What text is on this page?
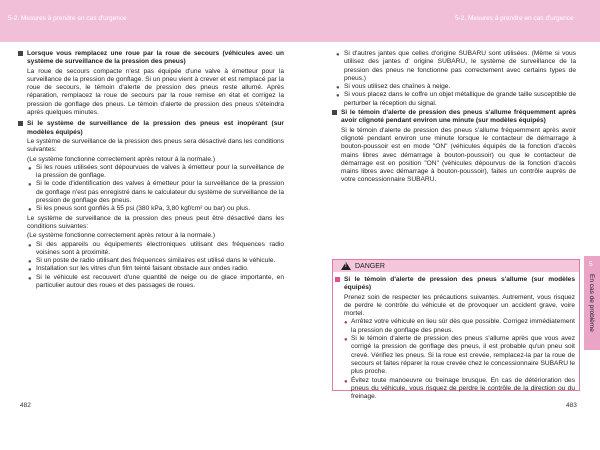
5-2. Mesures à prendre en cas d'urgence	5-2. Mesures à prendre en cas d'urgence
Lorsque vous remplacez une roue par la roue de secours (véhicules avec un système de surveillance de la pression des pneus)
La roue de secours compacte n'est pas équipée d'une valve à émetteur pour la surveillance de la pression de gonflage. Si un pneu vient à crever et est remplacé par la roue de secours, le témoin d'alerte de pression des pneus reste allumé. Après réparation, remplacez la roue de secours par la roue remise en état et corrigez la pression de gonflage des pneus. Le témoin d'alerte de pression des pneus s'éteindra après quelques minutes.
Si le système de surveillance de la pression des pneus est inopérant (sur modèles équipés)
Le système de surveillance de la pression des pneus sera désactivé dans les conditions suivantes:
(Le système fonctionne correctement après retour à la normale.)
● Si les roues utilisées sont dépourvues de valves à émetteur pour la surveillance de la pression de gonflage.
● Si le code d'identification des valves à émetteur pour la surveillance de la pression de gonflage n'est pas enregistré dans le calculateur du système de surveillance de la pression de gonflage des pneus.
● Si les pneus sont gonflés à 55 psi (380 kPa, 3,80 kgf/cm² ou bar) ou plus.
Le système de surveillance de la pression des pneus peut être désactivé dans les conditions suivantes:
(Le système fonctionne correctement après retour à la normale.)
● Si des appareils ou équipements électroniques utilisant des fréquences radio voisines sont à proximité.
● Si un poste de radio utilisant des fréquences similaires est utilisé dans le véhicule.
● Installation sur les vitres d'un film teinté faisant obstacle aux ondes radio.
● Si le véhicule est recouvert d'une quantité de neige ou de glace importante, en particulier autour des roues et des passages de roues.
● Si d'autres jantes que celles d'origine SUBARU sont utilisées. (Même si vous utilisez des jantes d' origine SUBARU, le système de surveillance de la pression des pneus ne fonctionne pas correctement avec certains types de pneus.)
● Si vous utilisez des chaînes à neige.
● Si vous placez dans le coffre un objet métallique de grande taille susceptible de perturber la réception du signal.
Si le témoin d'alerte de pression des pneus s'allume fréquemment après avoir clignoté pendant environ une minute (sur modèles équipés)
Si le témoin d'alerte de pression des pneus s'allume fréquemment après avoir clignoté pendant environ une minute lorsque le contacteur de démarrage à bouton-poussoir est en mode "ON" (véhicules équipés de la fonction d'accès mains libres avec démarrage à bouton-poussoir) ou que le contacteur de démarrage est en position "ON" (véhicules dépourvus de la fonction d'accès mains libres avec démarrage à bouton-poussoir), faites un contrôle auprès de votre concessionnaire SUBARU.
! DANGER
Si le témoin d'alerte de pression des pneus s'allume (sur modèles équipés)
Prenez soin de respecter les précautions suivantes. Autrement, vous risquez de perdre le contrôle du véhicule et de provoquer un accident grave, voire mortel.
● Arrêtez votre véhicule en lieu sûr dès que possible. Corrigez immédiatement la pression de gonflage des pneus.
● Si le témoin d'alerte de pression des pneus s'allume après que vous avez corrigé la pression de gonflage des pneus, il est probable qu'un pneu soit crevé. Vérifiez les pneus. Si la roue est crevée, remplacez-la par la roue de secours et faites réparer la roue crevée chez le concessionnaire SUBARU le plus proche.
● Évitez toute manoeuvre ou freinage brusque. En cas de détérioration des pneus du véhicule, vous risquez de perdre le contrôle de la direction ou du freinage.
5
En cas de problème
482	483
